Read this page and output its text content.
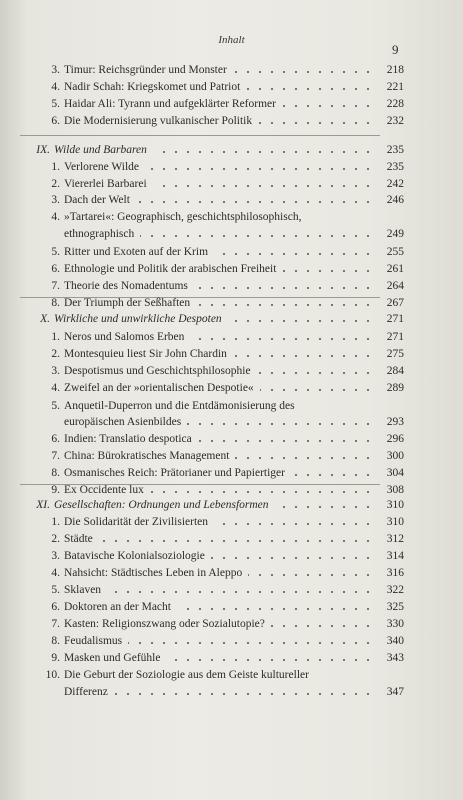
Inhalt
9
3. Timur: Reichsgründer und Monster	218
4. Nadir Schah: Kriegskomet und Patriot	221
5. Haidar Ali: Tyrann und aufgeklärter Reformer	228
6. Die Modernisierung vulkanischer Politik	232
IX. Wilde und Barbaren	235
1. Verlorene Wilde	235
2. Viererlei Barbarei	242
3. Dach der Welt	246
4. »Tartarei«: Geographisch, geschichtsphilosophisch,
ethnographisch	249
5. Ritter und Exoten auf der Krim	255
6. Ethnologie und Politik der arabischen Freiheit	261
7. Theorie des Nomadentums	264
8. Der Triumph der Seßhaften	267
X. Wirkliche und unwirkliche Despoten	271
1. Neros und Salomos Erben	271
2. Montesquieu liest Sir John Chardin	275
3. Despotismus und Geschichtsphilosophie	284
4. Zweifel an der »orientalischen Despotie«	289
5. Anquetil-Duperron und die Entdämonisierung des
europäischen Asienbildes	293
6. Indien: Translatio despotica	296
7. China: Bürokratisches Management	300
8. Osmanisches Reich: Prätorianer und Papiertiger	304
9. Ex Occidente lux	308
XI. Gesellschaften: Ordnungen und Lebensformen	310
1. Die Solidarität der Zivilisierten	310
2. Städte	312
3. Batavische Kolonialsoziologie	314
4. Nahsicht: Städtisches Leben in Aleppo	316
5. Sklaven	322
6. Doktoren an der Macht	325
7. Kasten: Religionszwang oder Sozialutopie?	330
8. Feudalismus	340
9. Masken und Gefühle	343
10. Die Geburt der Soziologie aus dem Geiste kultureller
Differenz	347
